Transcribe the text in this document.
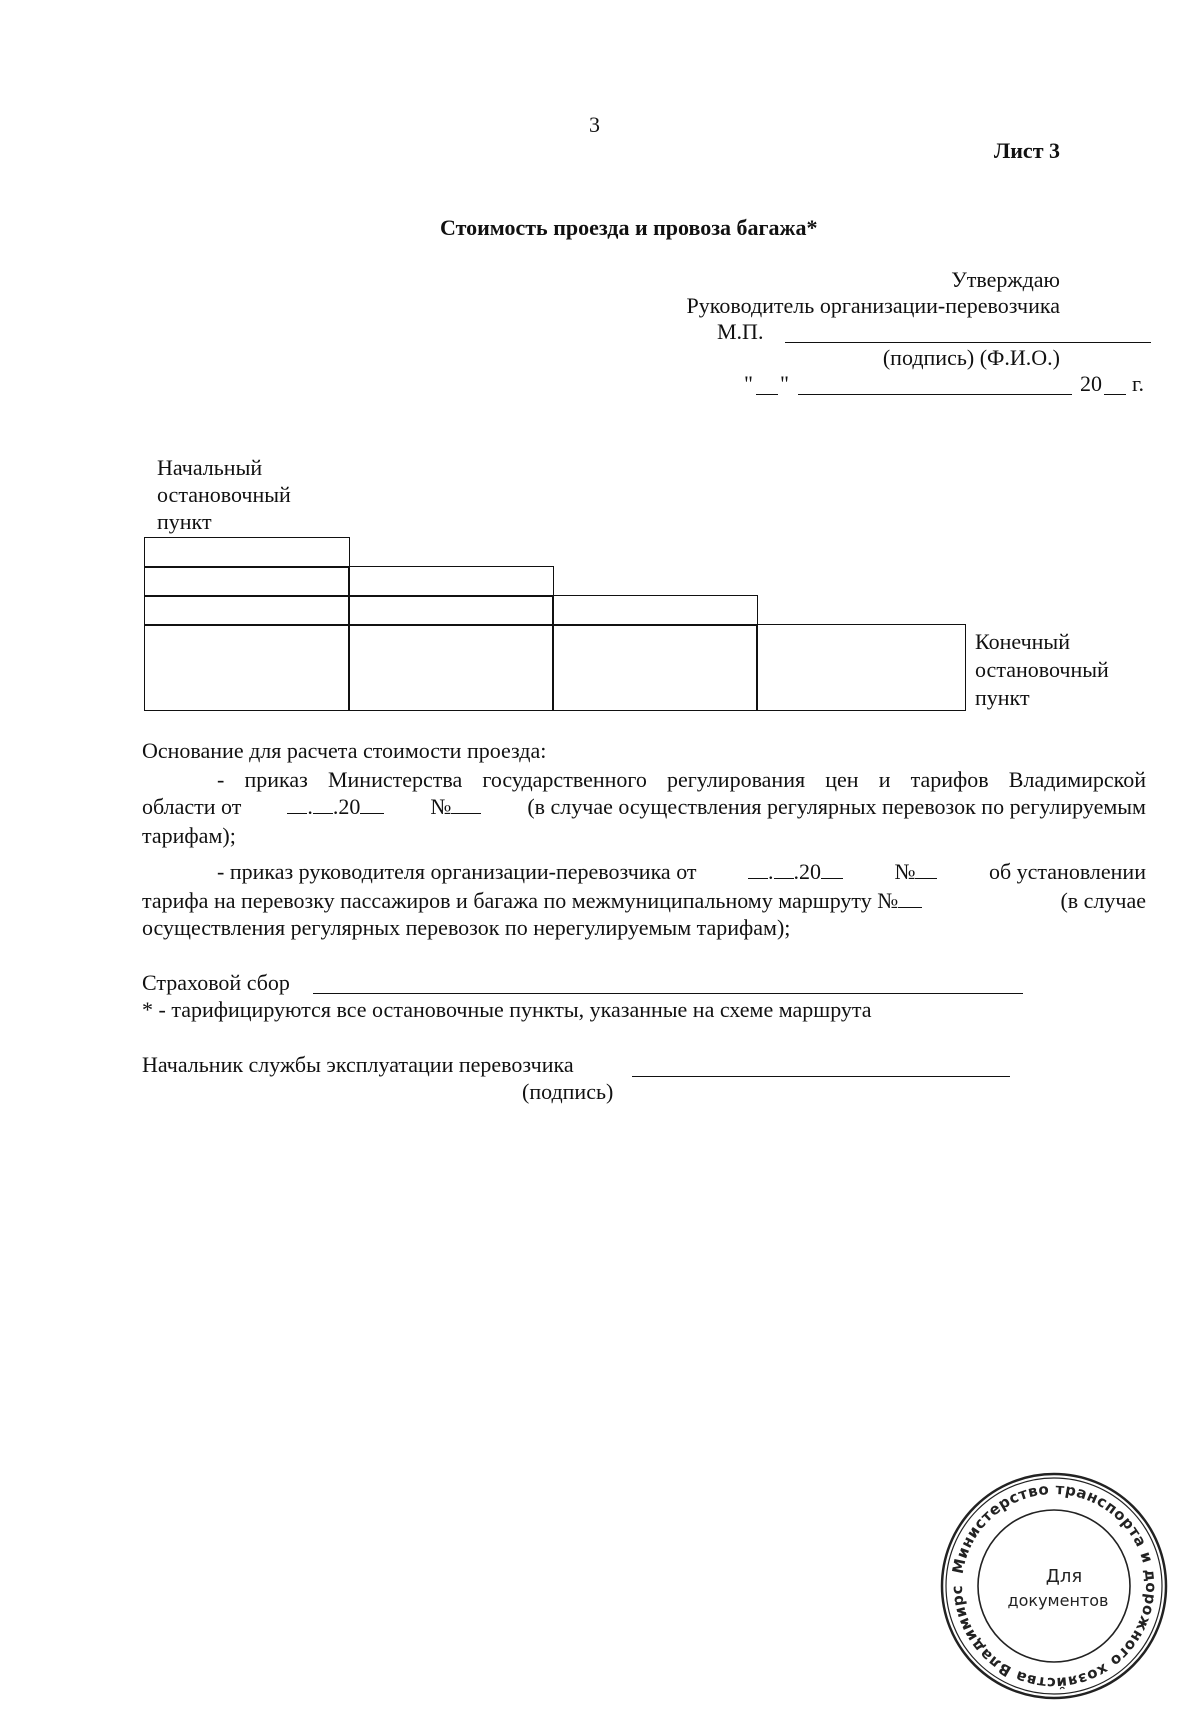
3
Лист 3
Стоимость проезда и провоза багажа*
Утверждаю
Руководитель организации-перевозчика
М.П.
(подпись) (Ф.И.О.)
" "	20 г.
Начальный
остановочный
пункт
Конечный
остановочный
пункт
Основание для расчета стоимости проезда:
- приказ Министерства государственного регулирования цен и тарифов Владимирской
области от	. .20	№	(в случае осуществления регулярных перевозок по регулируемым
тарифам);
- приказ руководителя организации-перевозчика от	. .20	№	об установлении
тарифа на перевозку пассажиров и багажа по межмуниципальному маршруту №	(в случае
осуществления регулярных перевозок по нерегулируемым тарифам);
Страховой сбор
* - тарифицируются все остановочные пункты, указанные на схеме маршрута
Начальник службы эксплуатации перевозчика
(подпись)
Министерство транспорта и дорожного хозяйства Владимирс
Для
документов
